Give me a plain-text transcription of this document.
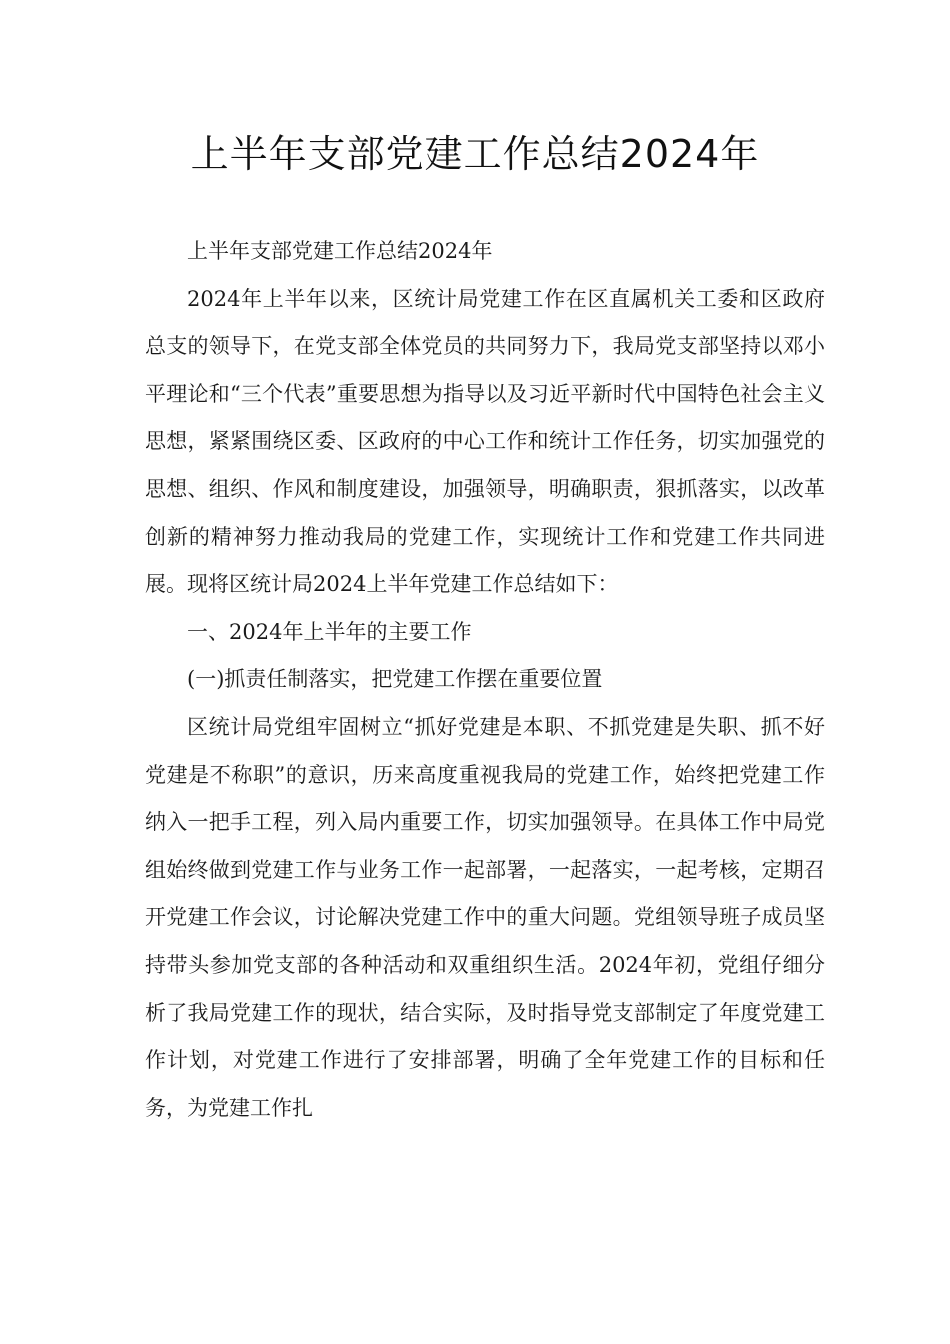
上半年支部党建工作总结2024年

上半年支部党建工作总结2024年

2024年上半年以来，区统计局党建工作在区直属机关工委和区政府总支的领导下，在党支部全体党员的共同努力下，我局党支部坚持以邓小平理论和“三个代表”重要思想为指导以及习近平新时代中国特色社会主义思想，紧紧围绕区委、区政府的中心工作和统计工作任务，切实加强党的思想、组织、作风和制度建设，加强领导，明确职责，狠抓落实，以改革创新的精神努力推动我局的党建工作，实现统计工作和党建工作共同进展。现将区统计局2024上半年党建工作总结如下：

一、2024年上半年的主要工作

(一)抓责任制落实，把党建工作摆在重要位置

区统计局党组牢固树立“抓好党建是本职、不抓党建是失职、抓不好党建是不称职”的意识，历来高度重视我局的党建工作，始终把党建工作纳入一把手工程，列入局内重要工作，切实加强领导。在具体工作中局党组始终做到党建工作与业务工作一起部署，一起落实，一起考核，定期召开党建工作会议，讨论解决党建工作中的重大问题。党组领导班子成员坚持带头参加党支部的各种活动和双重组织生活。2024年初，党组仔细分析了我局党建工作的现状，结合实际，及时指导党支部制定了年度党建工作计划，对党建工作进行了安排部署，明确了全年党建工作的目标和任务，为党建工作扎
